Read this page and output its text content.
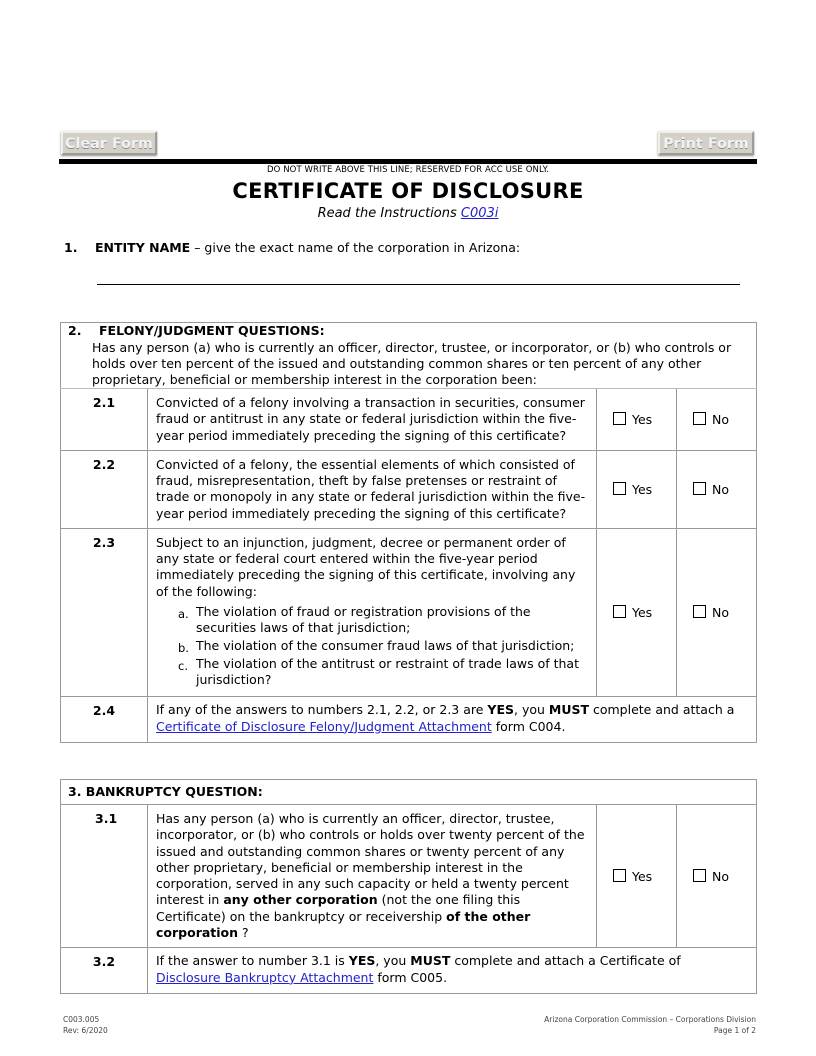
Clear Form	Print Form
DO NOT WRITE ABOVE THIS LINE; RESERVED FOR ACC USE ONLY.
CERTIFICATE OF DISCLOSURE
Read the Instructions C003i
1. ENTITY NAME – give the exact name of the corporation in Arizona:
2. FELONY/JUDGMENT QUESTIONS:
Has any person (a) who is currently an officer, director, trustee, or incorporator, or (b) who controls or holds over ten percent of the issued and outstanding common shares or ten percent of any other proprietary, beneficial or membership interest in the corporation been:			

2.1	Convicted of a felony involving a transaction in securities, consumer fraud or antitrust in any state or federal jurisdiction within the five-year period immediately preceding the signing of this certificate?	Yes	No
2.2	Convicted of a felony, the essential elements of which consisted of fraud, misrepresentation, theft by false pretenses or restraint of trade or monopoly in any state or federal jurisdiction within the five-year period immediately preceding the signing of this certificate?	Yes	No
2.3	Subject to an injunction, judgment, decree or permanent order of any state or federal court entered within the five-year period immediately preceding the signing of this certificate, involving any of the following:
a. The violation of fraud or registration provisions of the securities laws of that jurisdiction;
b. The violation of the consumer fraud laws of that jurisdiction;
c. The violation of the antitrust or restraint of trade laws of that jurisdiction?
	Yes	No
2.4	If any of the answers to numbers 2.1, 2.2, or 2.3 are YES, you MUST complete and attach a Certificate of Disclosure Felony/Judgment Attachment form C004.		
3. BANKRUPTCY QUESTION:			
3.1	Has any person (a) who is currently an officer, director, trustee, incorporator, or (b) who controls or holds over twenty percent of the issued and outstanding common shares or twenty percent of any other proprietary, beneficial or membership interest in the corporation, served in any such capacity or held a twenty percent interest in any other corporation (not the one filing this Certificate) on the bankruptcy or receivership of the other corporation ?	Yes	No
3.2	If the answer to number 3.1 is YES, you MUST complete and attach a Certificate of Disclosure Bankruptcy Attachment form C005.		
C003.005
Rev: 6/2020
Arizona Corporation Commission – Corporations Division
Page 1 of 2
